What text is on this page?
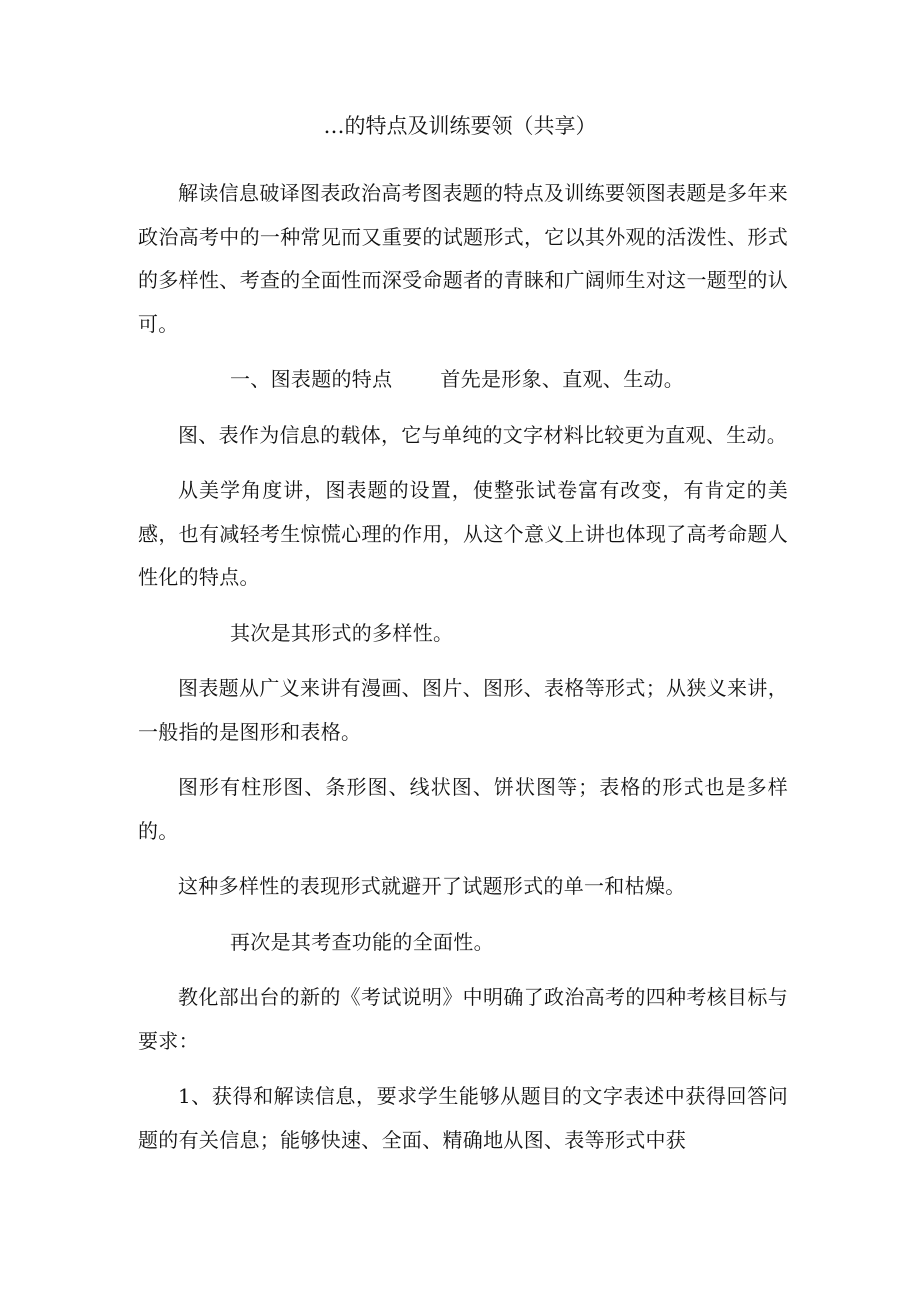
…的特点及训练要领（共享）

解读信息破译图表政治高考图表题的特点及训练要领图表题是多年来政治高考中的一种常见而又重要的试题形式，它以其外观的活泼性、形式的多样性、考查的全面性而深受命题者的青睐和广阔师生对这一题型的认可。

一、图表题的特点 首先是形象、直观、生动。

图、表作为信息的载体，它与单纯的文字材料比较更为直观、生动。

从美学角度讲，图表题的设置，使整张试卷富有改变，有肯定的美感，也有减轻考生惊慌心理的作用，从这个意义上讲也体现了高考命题人性化的特点。

其次是其形式的多样性。

图表题从广义来讲有漫画、图片、图形、表格等形式；从狭义来讲，一般指的是图形和表格。

图形有柱形图、条形图、线状图、饼状图等；表格的形式也是多样的。

这种多样性的表现形式就避开了试题形式的单一和枯燥。

再次是其考查功能的全面性。

教化部出台的新的《考试说明》中明确了政治高考的四种考核目标与要求：

1、获得和解读信息，要求学生能够从题目的文字表述中获得回答问题的有关信息；能够快速、全面、精确地从图、表等形式中获
